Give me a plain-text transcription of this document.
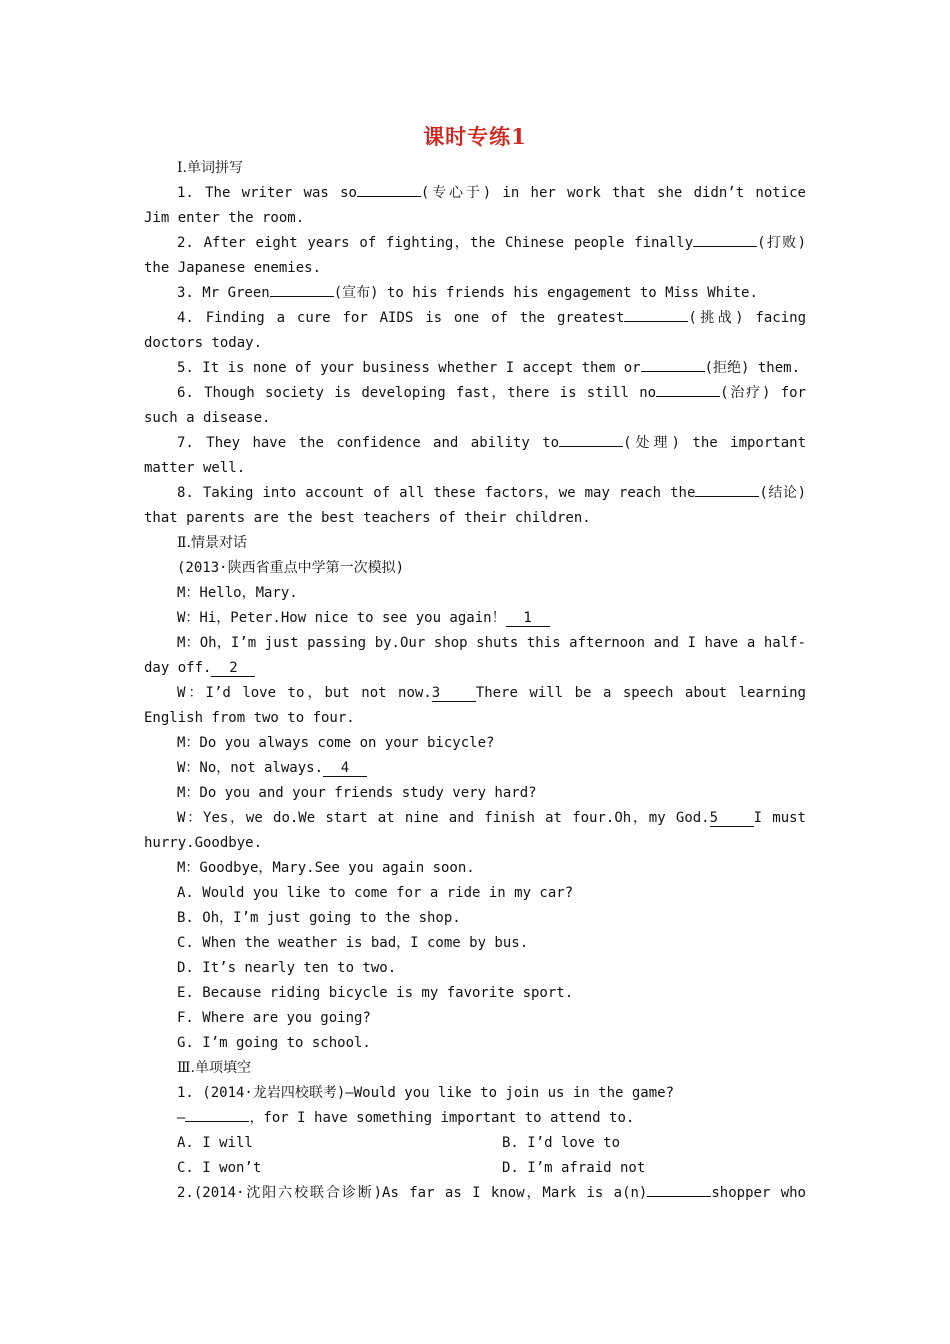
课时专练1
Ⅰ.单词拼写
1. The writer was so	(专心于) in her work that she didn’t notice
Jim enter the room.
2. After eight years of fighting，the Chinese people finally	(打败)
the Japanese enemies.
3. Mr Green	(宣布) to his friends his engagement to Miss White.
4. Finding a cure for AIDS is one of the greatest	(挑战) facing
doctors today.
5. It is none of your business whether I accept them or	(拒绝) them.
6. Though society is developing fast，there is still no	(治疗) for
such a disease.
7. They have the confidence and ability to	(处理) the important
matter well.
8. Taking into account of all these factors，we may reach the	(结论)
that parents are the best teachers of their children.
Ⅱ.情景对话
(2013·陕西省重点中学第一次模拟)
M：Hello，Mary.
W：Hi，Peter.How nice to see you again！ 1
M：Oh，I’m just passing by.Our shop shuts this afternoon and I have a half-
day off. 2
W：I’d love to，but not now.3	There will be a speech about learning
English from two to four.
M：Do you always come on your bicycle?
W：No，not always. 4
M：Do you and your friends study very hard?
W：Yes，we do.We start at nine and finish at four.Oh，my God.5	I must
hurry.Goodbye.
M：Goodbye，Mary.See you again soon.
A. Would you like to come for a ride in my car?
B. Oh，I’m just going to the shop.
C. When the weather is bad，I come by bus.
D. It’s nearly ten to two.
E. Because riding bicycle is my favorite sport.
F. Where are you going?
G. I’m going to school.
Ⅲ.单项填空
1. (2014·龙岩四校联考)—Would you like to join us in the game?
—	，for I have something important to attend to.
A. I will	B. I’d love to
C. I won’t	D. I’m afraid not
2.(2014·沈阳六校联合诊断)As far as I know，Mark is a(n)	shopper who
